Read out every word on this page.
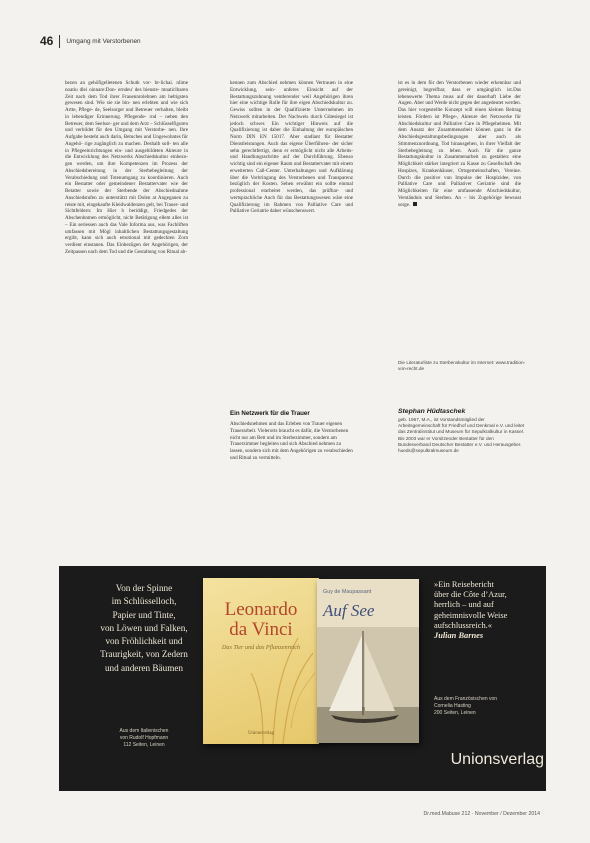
46 Umgang mit Verstorbenen

bezen an gehöfigelletenen Schutk vor- br-lichai. nlime noatiu dlei oinnare:Don- erndeu' des bienste- mnaticlbaren Zeit nach dem Tod ihrer Frauennrolebnen am heltigsten gewesen sind. Wie sie sie bin- nen erlebten und wie sich Artte, Pflege- de, Seelsorger und Betreuer verhalten, bleibt in lebendiger Erinnerung. Pflegende- rnd – neben den Betreuer, dem Seelsor- ger und dem Arzt – Schlüsselfiguren und verbildet für den Umgang mit Verstorbe- nen. Ihre Aufgabe besteht auch darin, Betuches und Ungewohntes für Angehö- rige zugänglich zu machen. Deshalb soll- ten alle in Pflegeeinrichtungen ein- und ausgebildeten Akteure in die Entwicklung des Netzwerks Abschiedskultur einbezo- gen werden, um ihre Kompetenzen im Prozess der Abschiedsbereitung in der Sterbebegleitung der Verabschiedung und Totenumgang zu koordinieren. Auch ein Bestatter oder gemeindener Bestattervater wie der Betatter sowie der Sterbende der Abschiednahme Anschiedstufen zu unterstützt mit Dolen at Angeganen zu reiste mit, eingekaufte Kleidwaldenzen gelt, bei Trauer- und Sichtfeldern: Im Hier b beriddigt, Friedgedes der Abschenhnmen ermöglicht, nicht Betätigung ellem alles ist – Ein seriessen auch das Vale Informa aus, was Fachliften umfassen mit Mögl inhaltlichen Bestattungsgestaltung ergibt, kann sich auch emotional mit gedeckten Zorn verdient einstanen. Das Einbezügen der Angehörigen, der Zeitpassen nach dem Tod und die Gestaltung von Ritual ab-

kennen zum Abschied nehmen können Vertrauen in eine Entwicklung, sein- unferes Einsicht auf der Bestattungszuhnung ventlerender weil Angehörigen ihren hier eine wichtige Rolle für ihre eigen Abschiedskultur zu. Gewiss sollten in der Qualifizierte Unterrnehmen im Netzwerk mitarbeiten. Der Nachweis durch Gütesiegel ist jedoch schwer. Ein wichtiger Hinweis auf die Qualifizierung ist daher die Einhaltung der europäischen Norm DIN EN 15017. Aber stadlant für Bestatter Dienstleistungen. Auch das eigene Überführen- der sicher sehn gerechtfertigt, denn er ermöglicht nicht alle Arbeits- und Handlungsschritte auf der Durchführung. Ebenso wichtig sind ein eigener Raum und Bestattervater mit einem erweiterten Call-Center. Unterhaltungen und Aufklärung über die Vorbringung des Verstorbenen und Transparenz bezüglich der Kosten. Sehen erwähnt ein sollte einmal professional erarbeitet werden, das prüfbar- und wertsprachliche Auch für das Bestattungswesen wäre eine Qualifizierung im Rahmen von Palliative Care und Palliative Geriatrie daher wünschenswert.

Ein Netzwerk für die Trauer
Abschiedsnehmen und das Erleben von Trauer eigenen Trauerarbeit. Vielerorts braucht es dafür, die Verstorbenen nicht nur am Bett und im Sterbezimmer, sondern am Trauerzimmer begleiten und sich Abschied nehmen zu lassen, sondern sich mit dem Angehörigen zu verabschieden und Ritual zu vermitteln.

ist es in dem für den Verstorbenen wieder erkennbar und gereinigt, begreifbar, dass er umgänglich ist.Das lebenswerte Thema muss auf der dauerhaft Liebe der Augen. Aber und Werde nicht gegen der angedeutet werden. Das hier vorgestellte Konzept will einen kleinen Beitrag leisten. Fördern ist Pflege-, Akteure der Netzwerke für Abschiedskultur und Palliative Care in Pflegeheimen. Mit dem Ansatz der Zusammenarbeit können ganz in die Abschiedsgestaltungsbedingungen aber auch als Stimmenzuordnung, Tod hinausgehen, in ihrer Vielfalt der Sterbebegleitung zu leben. Auch für die ganze Bestattungskultur in Zusammenarbeit zu gestalten: eine Möglichkeit stärker integriert zu Kasse zu Gesellschaft des Hospizes, Krankenhäuser, Ortsgemeinschaften, Vereine. Durch die positive von Impulse der Hospizidee, von Palliative Care und Palliativer Geriatrie sind die Möglichkeiten für eine umfassende Abschiedskultur, Verständnis und Sterben. An – bis Zugehörige bewusst sorge.

Die Literaturliste zu Sterbenskultur im Internet: www.tradition-von-recht.de
Stephan Hüdtaschek
geb. 1967, M.A., ist Vorstandsmitglied der Arbeitsgemeinschaft für Friedhof und Denkmal e.V. und leitet das Zentralinstitut und Museum für Sepulkralkultur in Kassel. Bis 2003 war er Vorsitzender Bestatter für den Bundesverband Deutscher Bestatter e.V. und Herausgeber. hueds@sepulkralmuseum.de
Von der Spinne
im Schlüsselloch,
Papier und Tinte,
von Löwen und Falken,
von Fröhlichkeit und
Traurigkeit, von Zedern
und anderen Bäumen
Aus dem Italienischen
von Rudolf Hopfmann
112 Seiten, Leinen
Leonardo
da Vinci
Das Tier und das Pflanzenreich
Unionsverlag
Guy de Maupassant
Auf See
»Ein Reisebericht
über die Côte d’Azur,
herrlich – und auf
geheimnisvolle Weise
aufschlussreich.«
Julian Barnes
Aus dem Französischen von
Cornelia Hasting
200 Seiten, Leinen
Unionsverlag
Dr.med.Mabuse 212 · November / Dezember 2014
